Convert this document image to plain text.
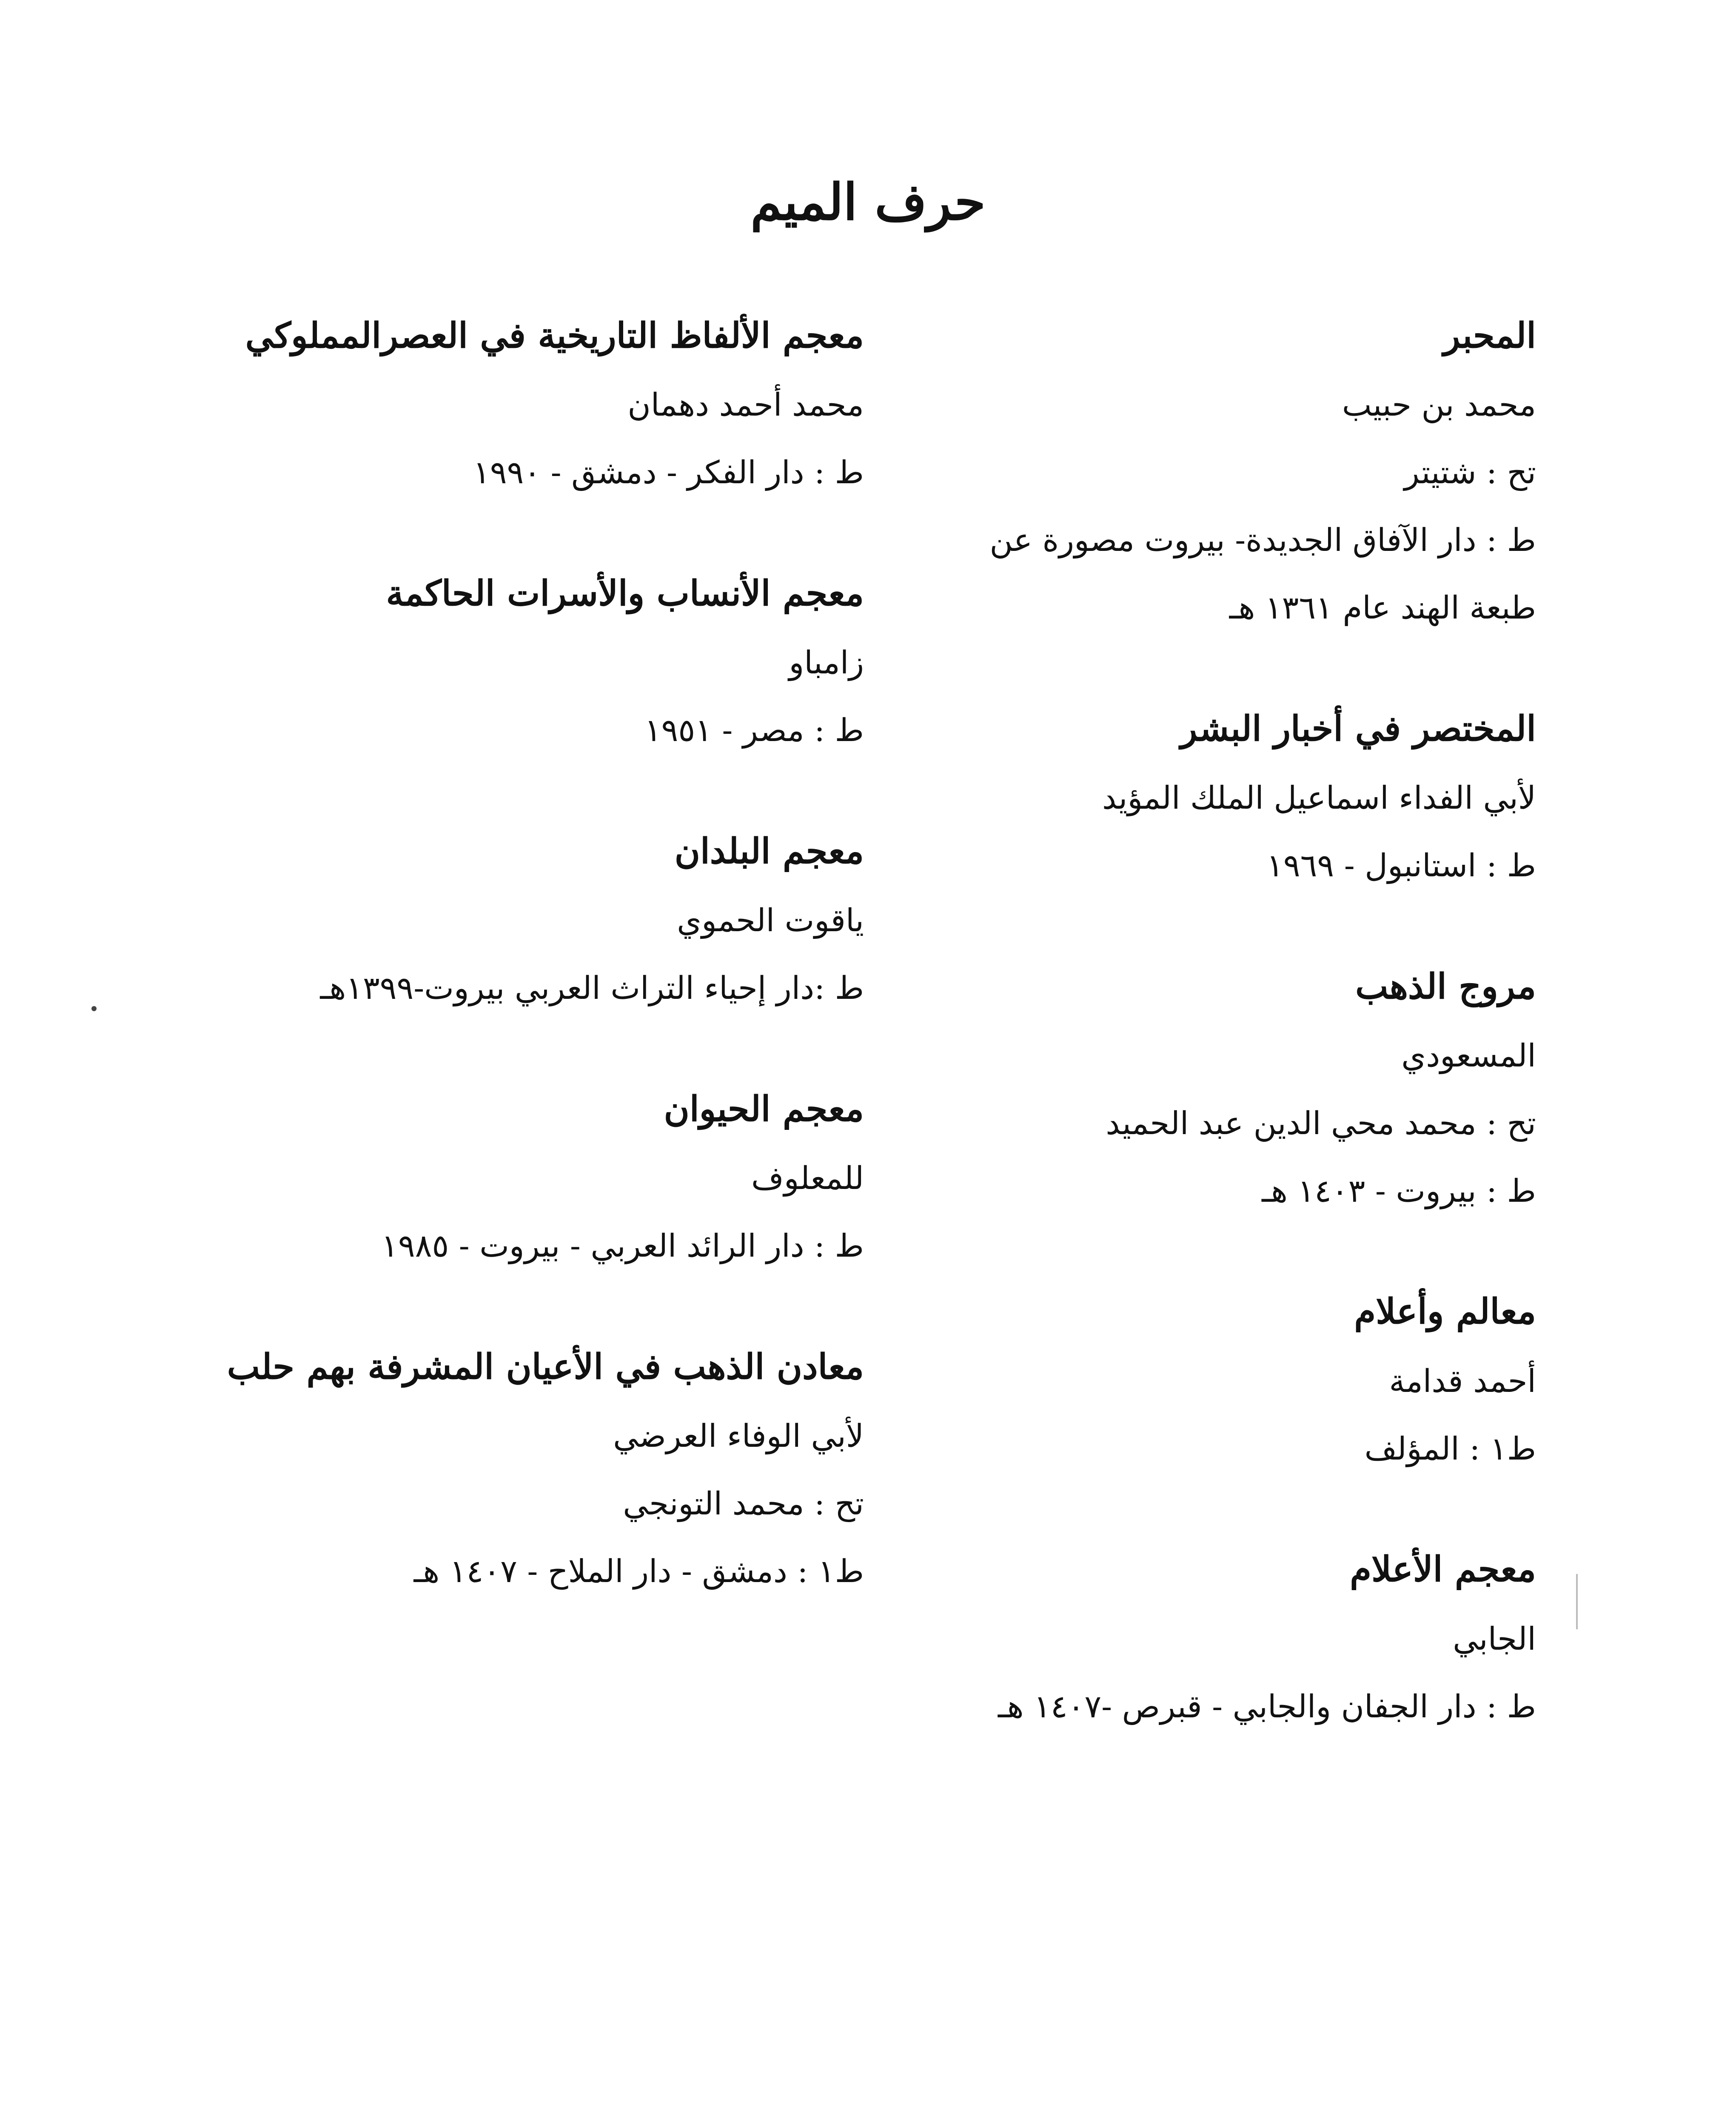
حرف الميم
المحبر
محمد بن حبيب
تح : شتيتر
ط : دار الآفاق الجديدة- بيروت مصورة عن
طبعة الهند عام ١٣٦١ هـ
المختصر في أخبار البشر
لأبي الفداء اسماعيل الملك المؤيد
ط : استانبول - ١٩٦٩
مروج الذهب
المسعودي
تح : محمد محي الدين عبد الحميد
ط : بيروت - ١٤٠٣ هـ
معالم وأعلام
أحمد قدامة
ط١ : المؤلف
معجم الأعلام
الجابي
ط : دار الجفان والجابي - قبرص -١٤٠٧ هـ
معجم الألفاظ التاريخية في العصرالمملوكي
محمد أحمد دهمان
ط : دار الفكر - دمشق - ١٩٩٠
معجم الأنساب والأسرات الحاكمة
زامباو
ط : مصر - ١٩٥١
معجم البلدان
ياقوت الحموي
ط :دار إحياء التراث العربي بيروت-١٣٩٩هـ
معجم الحيوان
للمعلوف
ط : دار الرائد العربي - بيروت - ١٩٨٥
معادن الذهب في الأعيان المشرفة بهم حلب
لأبي الوفاء العرضي
تح : محمد التونجي
ط١ : دمشق - دار الملاح - ١٤٠٧ هـ
